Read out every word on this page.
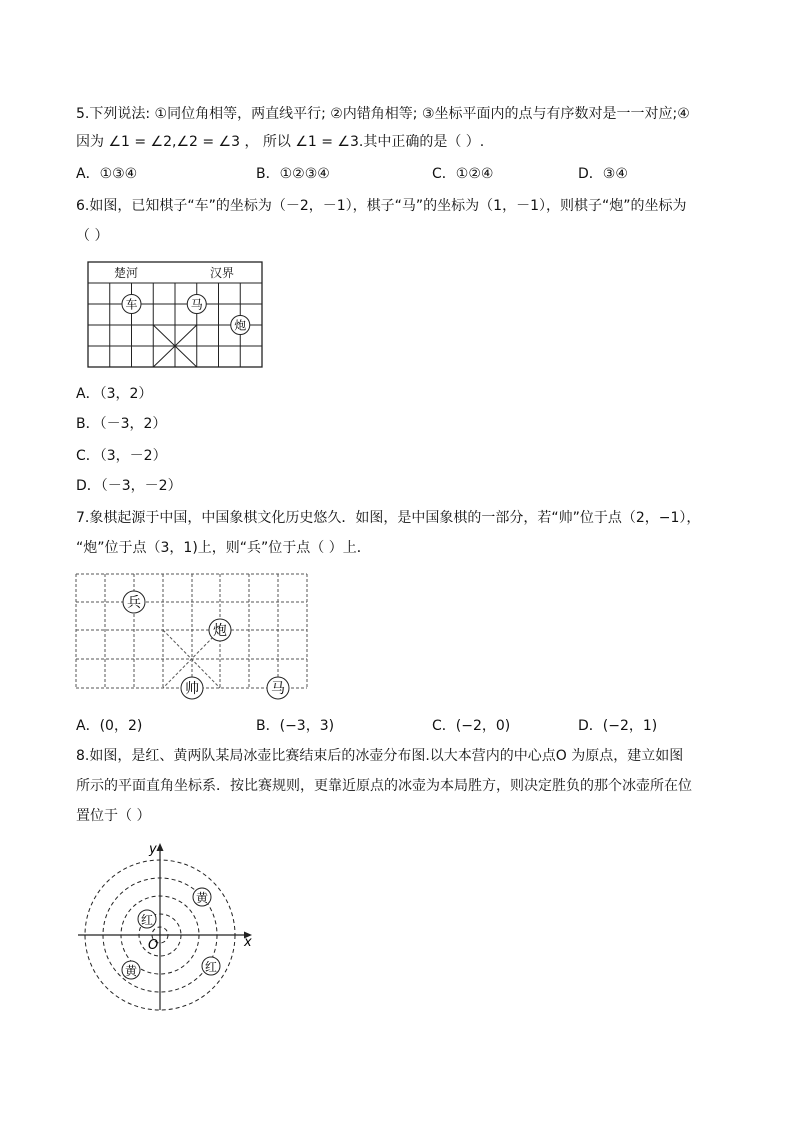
5.下列说法: ①同位角相等，两直线平行; ②内错角相等; ③坐标平面内的点与有序数对是一一对应;④
因为 ∠1 = ∠2,∠2 = ∠3 ， 所以 ∠1 = ∠3.其中正确的是（ ）.
A．①③④	B．①②③④	C．①②④	D．③④
6.如图，已知棋子“车”的坐标为（－2，－1），棋子“马”的坐标为（1，－1），则棋子“炮”的坐标为
（ ）
楚河	汉界
车	马
炮
A．（3，2）
B．（－3，2）
C．（3，－2）
D．（－3，－2）
7.象棋起源于中国，中国象棋文化历史悠久．如图，是中国象棋的一部分，若“帅”位于点（2，−1），
“炮”位于点（3，1)上，则“兵”位于点（ ）上．
兵
炮
帅	马
A．(0，2)	B．(−3，3)	C．(−2，0)	D．(−2，1)
8.如图，是红、黄两队某局冰壶比赛结束后的冰壶分布图.以大本营内的中心点O 为原点，建立如图
所示的平面直角坐标系．按比赛规则，更靠近原点的冰壶为本局胜方，则决定胜负的那个冰壶所在位
置位于（ ）
x
y
O
黄
红
黄	红
